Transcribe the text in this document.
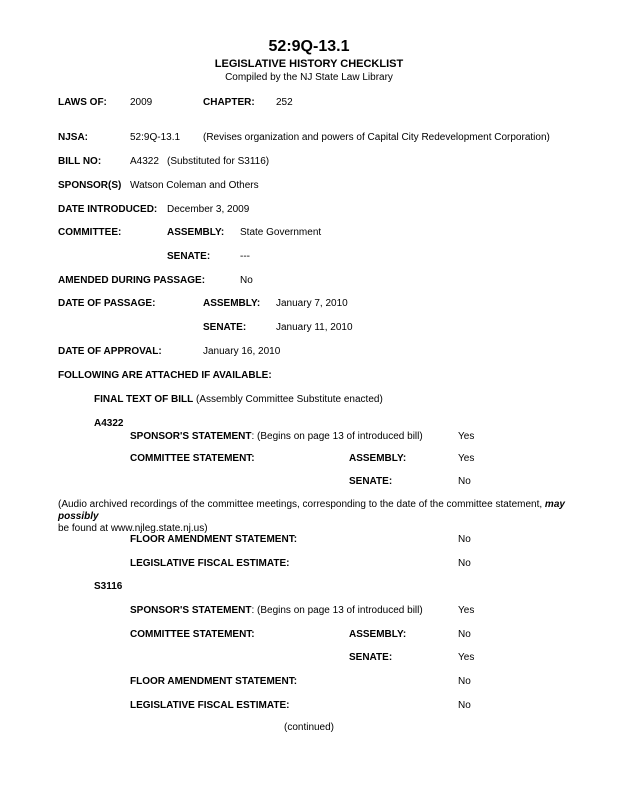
52:9Q-13.1
LEGISLATIVE HISTORY CHECKLIST
Compiled by the NJ State Law Library
LAWS OF: 2009	CHAPTER: 252
NJSA:	52:9Q-13.1 (Revises organization and powers of Capital City Redevelopment Corporation)
BILL NO:	A4322 (Substituted for S3116)
SPONSOR(S) Watson Coleman and Others
DATE INTRODUCED: December 3, 2009
COMMITTEE:	ASSEMBLY: State Government
SENATE:	---
AMENDED DURING PASSAGE:	No
DATE OF PASSAGE:	ASSEMBLY: January 7, 2010
SENATE:	January 11, 2010
DATE OF APPROVAL:	January 16, 2010
FOLLOWING ARE ATTACHED IF AVAILABLE:
FINAL TEXT OF BILL (Assembly Committee Substitute enacted)
A4322
SPONSOR'S STATEMENT: (Begins on page 13 of introduced bill)	Yes
COMMITTEE STATEMENT:	ASSEMBLY:	Yes
SENATE:	No
(Audio archived recordings of the committee meetings, corresponding to the date of the committee statement, may possibly
be found at www.njleg.state.nj.us)
FLOOR AMENDMENT STATEMENT:	No
LEGISLATIVE FISCAL ESTIMATE:	No
S3116
SPONSOR'S STATEMENT: (Begins on page 13 of introduced bill)	Yes
COMMITTEE STATEMENT:	ASSEMBLY:	No
SENATE:	Yes
FLOOR AMENDMENT STATEMENT:	No
LEGISLATIVE FISCAL ESTIMATE:	No
(continued)
